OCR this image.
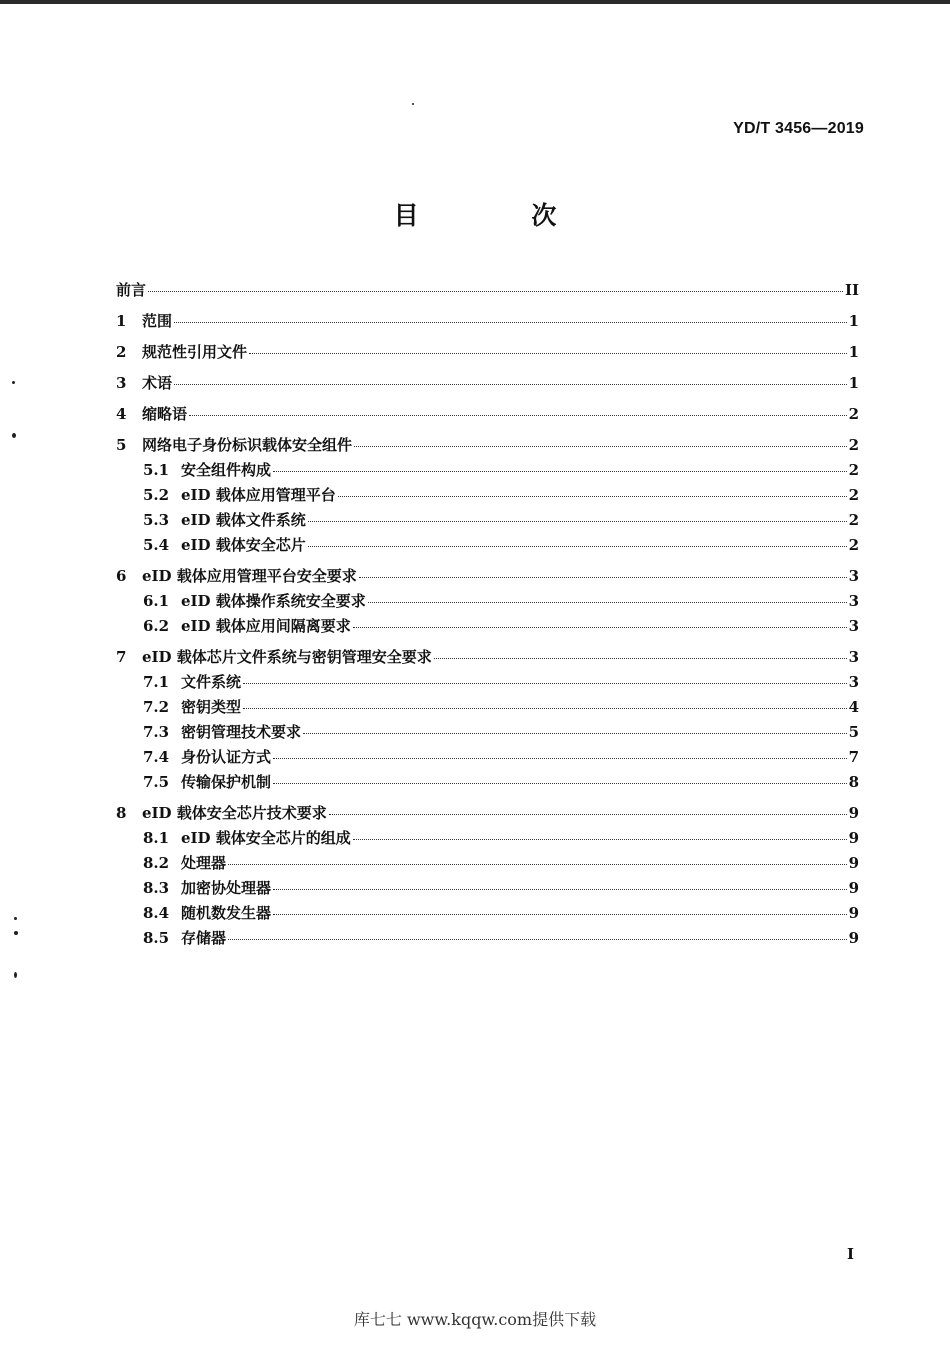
YD/T 3456—2019
目 次
前言	II
1	范围	1
2	规范性引用文件	1
3	术语	1
4	缩略语	2
5	网络电子身份标识载体安全组件	2
5.1 安全组件构成	2
5.2 eID 载体应用管理平台	2
5.3 eID 载体文件系统	2
5.4 eID 载体安全芯片	2
6	eID 载体应用管理平台安全要求	3
6.1 eID 载体操作系统安全要求	3
6.2 eID 载体应用间隔离要求	3
7	eID 载体芯片文件系统与密钥管理安全要求	3
7.1 文件系统	3
7.2 密钥类型	4
7.3 密钥管理技术要求	5
7.4 身份认证方式	7
7.5 传输保护机制	8
8	eID 载体安全芯片技术要求	9
8.1 eID 载体安全芯片的组成	9
8.2 处理器	9
8.3 加密协处理器	9
8.4 随机数发生器	9
8.5 存储器	9
I
库七七 www.kqqw.com提供下载
